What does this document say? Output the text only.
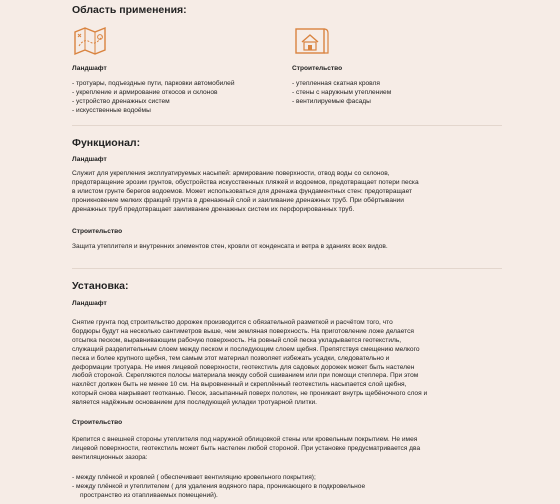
Область применения:
Ландшафт	Строительство
- тротуары, подъездные пути, парковки автомобилей
- укрепление и армирование откосов и склонов
- устройство дренажных систем
- искусственные водоёмы
- утепленная скатная кровля
- стены с наружным утеплением
- вентилируемые фасады
Функционал:
Ландшафт
Служит для укрепления эксплуатируемых насыпей: армирование поверхности, отвод воды со склонов,
предотвращение эрозии грунтов, обустройства искусственных пляжей и водоемов, предотвращает потери песка
в илистом грунте берегов водоемов. Может использоваться для дренажа фундаментных стен: предотвращает
проникновение мелких фракций грунта в дренажный слой и заиливание дренажных труб. При обёртывании
дренажных труб предотвращает заиливание дренажных систем их перфорированных труб.
Строительство
Защита утеплителя и внутренних элементов стен, кровли от конденсата и ветра в зданиях всех видов.
Установка:
Ландшафт
Снятие грунта под строительство дорожек производится с обязательной разметкой и расчётом того, что
бордюры будут на несколько сантиметров выше, чем земляная поверхность. На приготовление ложе делается
отсыпка песком, выравнивающим рабочую поверхность. На ровный слой песка укладывается геотекстиль,
служащий разделительным слоем между песком и последующим слоем щебня. Препятствуя смещению мелкого
песка и более крупного щебня, тем самым этот материал позволяет избежать усадки, следовательно и
деформации тротуара. Не имея лицевой поверхности, геотекстиль для садовых дорожек может быть настелен
любой стороной. Скрепляются полосы материала между собой сшиванием или при помощи степлера. При этом
нахлёст должен быть не менее 10 см. На выровненный и скреплённый геотекстиль насыпается слой щебня,
который снова накрывает геотканью. Песок, засыпанный поверх полотен, не проникает внутрь щебёночного слоя и
является надёжным основанием для последующей укладки тротуарной плитки.
Строительство
Крепится с внешней стороны утеплителя под наружной облицовкой стены или кровельным покрытием. Не имея
лицевой поверхности, геотекстиль может быть настелен любой стороной. При установке предусматривается два
вентиляционных зазора:
- между плёнкой и кровлей ( обеспечивает вентиляцию кровельного покрытия);
- между плёнкой и утеплителем ( для удаления водяного пара, проникающего в подкровельное
пространство из отапливаемых помещений).
